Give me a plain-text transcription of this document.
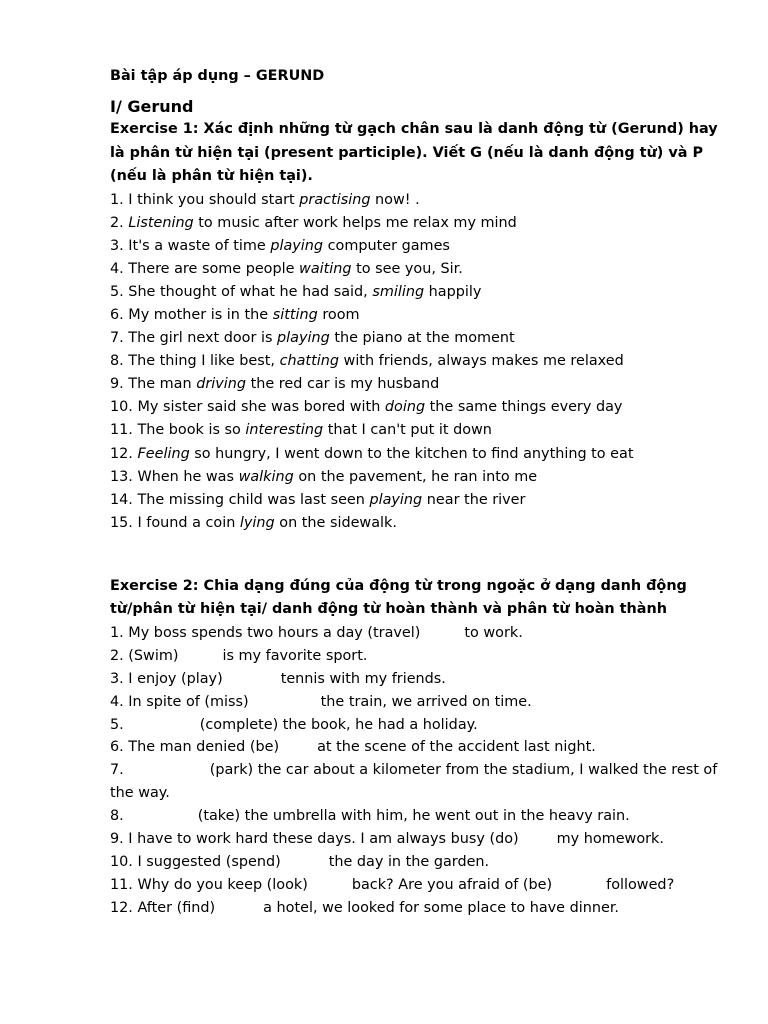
Bài tập áp dụng – GERUND

I/ Gerund

Exercise 1: Xác định những từ gạch chân sau là danh động từ (Gerund) hay là phân từ hiện tại (present participle). Viết G (nếu là danh động từ) và P (nếu là phân từ hiện tại).

1. I think you should start practising now! .

2. Listening to music after work helps me relax my mind

3. It's a waste of time playing computer games

4. There are some people waiting to see you, Sir.

5. She thought of what he had said, smiling happily

6. My mother is in the sitting room

7. The girl next door is playing the piano at the moment

8. The thing I like best, chatting with friends, always makes me relaxed

9. The man driving the red car is my husband

10. My sister said she was bored with doing the same things every day

11. The book is so interesting that I can't put it down

12. Feeling so hungry, I went down to the kitchen to find anything to eat

13. When he was walking on the pavement, he ran into me

14. The missing child was last seen playing near the river

15. I found a coin lying on the sidewalk.

Exercise 2: Chia dạng đúng của động từ trong ngoặc ở dạng danh động từ/phân từ hiện tại/ danh động từ hoàn thành và phân từ hoàn thành

1. My boss spends two hours a day (travel)	to work.

2. (Swim)	is my favorite sport.

3. I enjoy (play)	tennis with my friends.

4. In spite of (miss)	the train, we arrived on time.

5.	(complete) the book, he had a holiday.

6. The man denied (be)	at the scene of the accident last night.

7.	(park) the car about a kilometer from the stadium, I walked the rest of the way.

8.	(take) the umbrella with him, he went out in the heavy rain.

9. I have to work hard these days. I am always busy (do)	my homework.

10. I suggested (spend)	the day in the garden.

11. Why do you keep (look)	back? Are you afraid of (be)	followed?

12. After (find)	a hotel, we looked for some place to have dinner.
